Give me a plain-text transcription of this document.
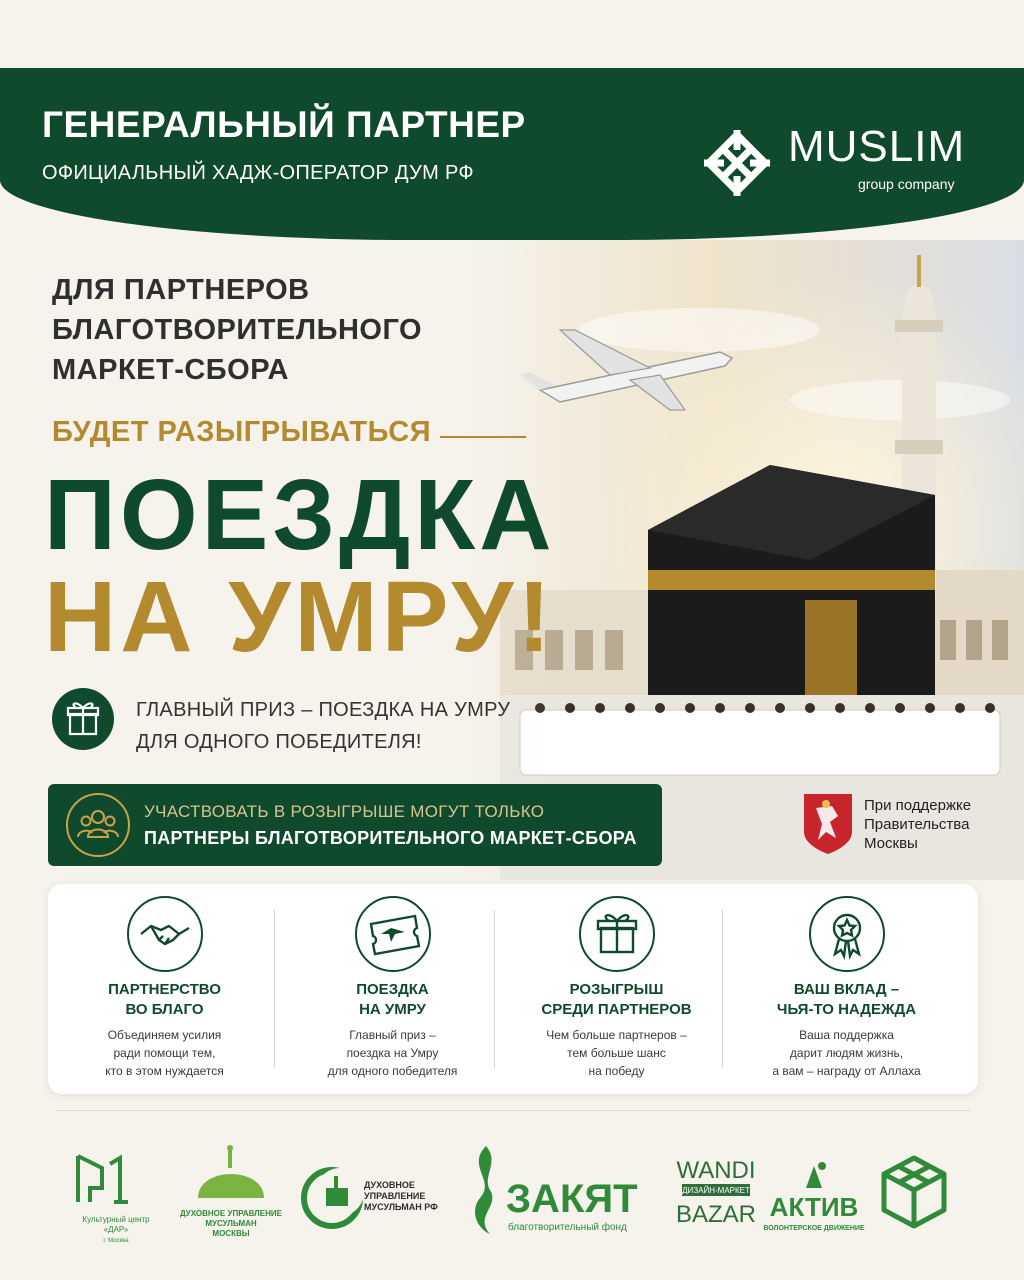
ГЕНЕРАЛЬНЫЙ ПАРТНЕР
ОФИЦИАЛЬНЫЙ ХАДЖ-ОПЕРАТОР ДУМ РФ
MUSLIM
group company
ДЛЯ ПАРТНЕРОВ
БЛАГОТВОРИТЕЛЬНОГО
МАРКЕТ-СБОРА
БУДЕТ РАЗЫГРЫВАТЬСЯ
ПОЕЗДКА
НА УМРУ!
ГЛАВНЫЙ ПРИЗ – ПОЕЗДКА НА УМРУ
ДЛЯ ОДНОГО ПОБЕДИТЕЛЯ!
УЧАСТВОВАТЬ В РОЗЫГРЫШЕ МОГУТ ТОЛЬКО
ПАРТНЕРЫ БЛАГОТВОРИТЕЛЬНОГО МАРКЕТ-СБОРА
При поддержке
Правительства
Москвы
ПАРТНЕРСТВО
ВО БЛАГО
Объединяем усилия
ради помощи тем,
кто в этом нуждается
ПОЕЗДКА
НА УМРУ
Главный приз –
поездка на Умру
для одного победителя
РОЗЫГРЫШ
СРЕДИ ПАРТНЕРОВ
Чем больше партнеров –
тем больше шанс
на победу
ВАШ ВКЛАД –
ЧЬЯ-ТО НАДЕЖДА
Ваша поддержка
дарит людям жизнь,
а вам – награду от Аллаха
Культурный центр
«ДАР»
г. Москва
ДУХОВНОЕ УПРАВЛЕНИЕ
МУСУЛЬМАН
МОСКВЫ
ДУХОВНОЕ
УПРАВЛЕНИЕ
МУСУЛЬМАН РФ ЗАКЯТ
благотворительный фонд
WANDI
ДИЗАЙН-МАРКЕТ
BAZAR АКТИВ
ВОЛОНТЕРСКОЕ ДВИЖЕНИЕ
